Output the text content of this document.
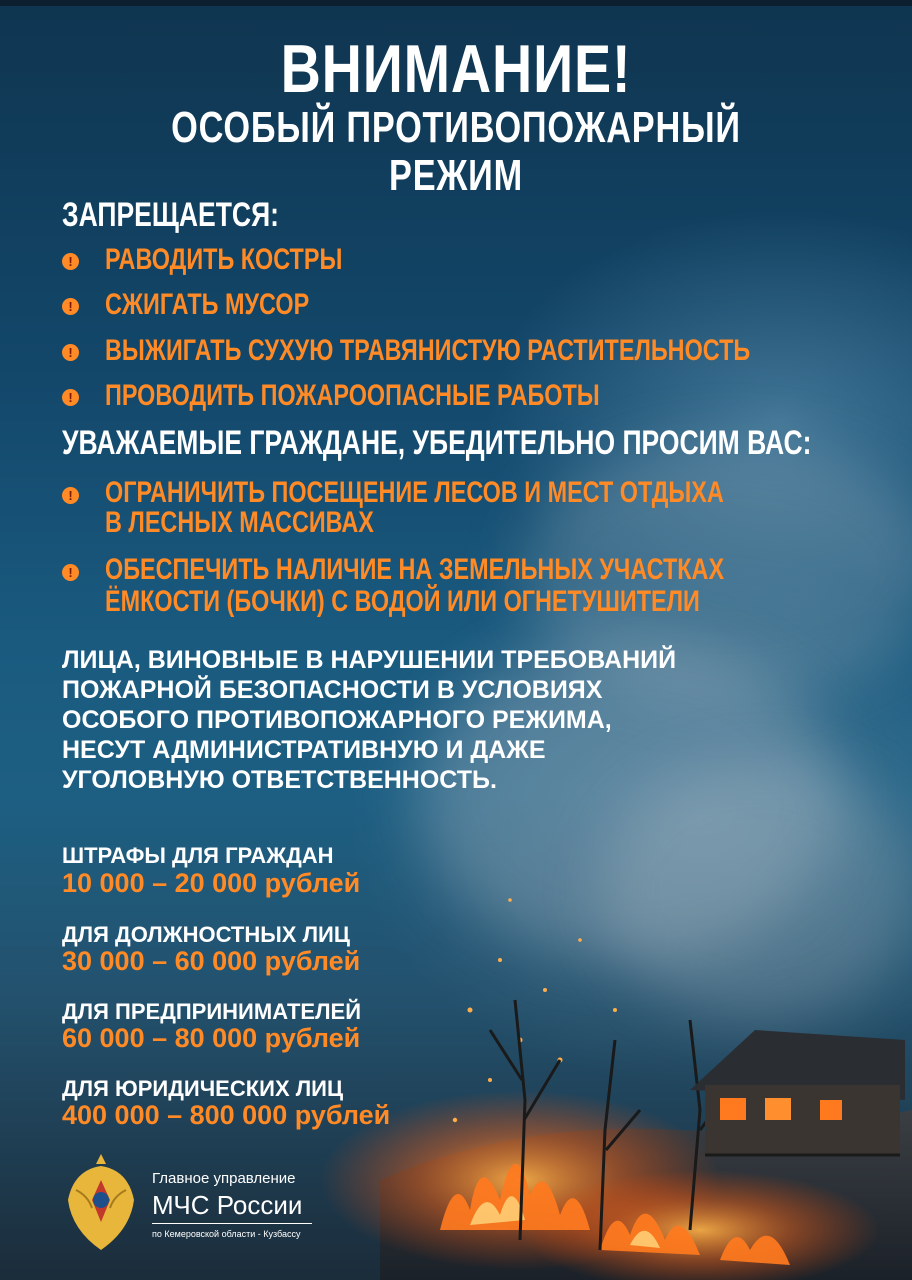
ВНИМАНИЕ!
ОСОБЫЙ ПРОТИВОПОЖАРНЫЙ РЕЖИМ
ЗАПРЕЩАЕТСЯ:
! РАВОДИТЬ КОСТРЫ
! СЖИГАТЬ МУСОР
! ВЫЖИГАТЬ СУХУЮ ТРАВЯНИСТУЮ РАСТИТЕЛЬНОСТЬ
! ПРОВОДИТЬ ПОЖАРООПАСНЫЕ РАБОТЫ
УВАЖАЕМЫЕ ГРАЖДАНЕ, УБЕДИТЕЛЬНО ПРОСИМ ВАС:
! ОГРАНИЧИТЬ ПОСЕЩЕНИЕ ЛЕСОВ И МЕСТ ОТДЫХА
В ЛЕСНЫХ МАССИВАХ
! ОБЕСПЕЧИТЬ НАЛИЧИЕ НА ЗЕМЕЛЬНЫХ УЧАСТКАХ
ЁМКОСТИ (БОЧКИ) С ВОДОЙ ИЛИ ОГНЕТУШИТЕЛИ
ЛИЦА, ВИНОВНЫЕ В НАРУШЕНИИ ТРЕБОВАНИЙ
ПОЖАРНОЙ БЕЗОПАСНОСТИ В УСЛОВИЯХ
ОСОБОГО ПРОТИВОПОЖАРНОГО РЕЖИМА,
НЕСУТ АДМИНИСТРАТИВНУЮ И ДАЖЕ
УГОЛОВНУЮ ОТВЕТСТВЕННОСТЬ.
ШТРАФЫ ДЛЯ ГРАЖДАН
10 000 – 20 000 рублей
ДЛЯ ДОЛЖНОСТНЫХ ЛИЦ
30 000 – 60 000 рублей
ДЛЯ ПРЕДПРИНИМАТЕЛЕЙ
60 000 – 80 000 рублей
ДЛЯ ЮРИДИЧЕСКИХ ЛИЦ
400 000 – 800 000 рублей
Главное управление
МЧС России
по Кемеровской области - Кузбассу
